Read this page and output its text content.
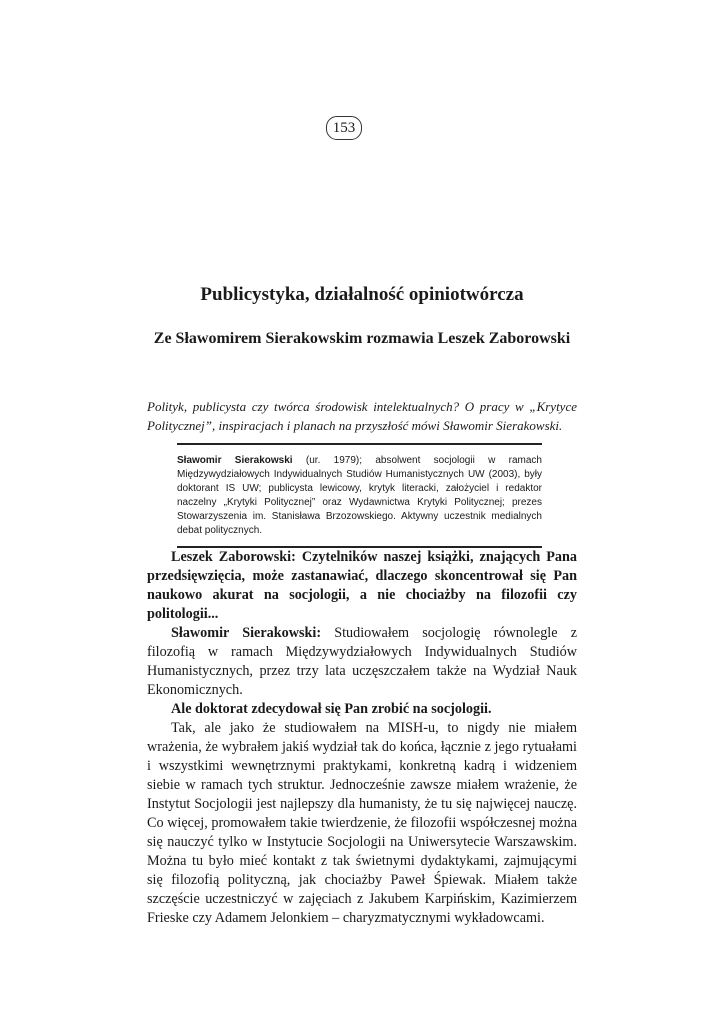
153
Publicystyka, działalność opiniotwórcza
Ze Sławomirem Sierakowskim rozmawia Leszek Zaborowski

Polityk, publicysta czy twórca środowisk intelektualnych? O pracy w „Krytyce Politycznej”, inspiracjach i planach na przyszłość mówi Sławomir Sierakowski.

Sławomir Sierakowski (ur. 1979); absolwent socjologii w ramach Międzywydziałowych Indywidualnych Studiów Humanistycznych UW (2003), były doktorant IS UW; publicysta lewicowy, krytyk literacki, założyciel i redaktor naczelny „Krytyki Politycznej” oraz Wydawnictwa Krytyki Politycznej; prezes Stowarzyszenia im. Stanisława Brzozowskiego. Aktywny uczestnik medialnych debat politycznych.

Leszek Zaborowski: Czytelników naszej książki, znających Pana przedsięwzięcia, może zastanawiać, dlaczego skoncentrował się Pan naukowo akurat na socjologii, a nie chociażby na filozofii czy politologii...

Sławomir Sierakowski: Studiowałem socjologię równolegle z filozofią w ramach Międzywydziałowych Indywidualnych Studiów Humanistycznych, przez trzy lata uczęszczałem także na Wydział Nauk Ekonomicznych.

Ale doktorat zdecydował się Pan zrobić na socjologii.

Tak, ale jako że studiowałem na MISH-u, to nigdy nie miałem wrażenia, że wybrałem jakiś wydział tak do końca, łącznie z jego rytuałami i wszystkimi wewnętrznymi praktykami, konkretną kadrą i widzeniem siebie w ramach tych struktur. Jednocześnie zawsze miałem wrażenie, że Instytut Socjologii jest najlepszy dla humanisty, że tu się najwięcej nauczę. Co więcej, promowałem takie twierdzenie, że filozofii współczesnej można się nauczyć tylko w Instytucie Socjologii na Uniwersytecie Warszawskim. Można tu było mieć kontakt z tak świetnymi dydaktykami, zajmującymi się filozofią polityczną, jak chociażby Paweł Śpiewak. Miałem także szczęście uczestniczyć w zajęciach z Jakubem Karpińskim, Kazimierzem Frieske czy Adamem Jelonkiem – charyzmatycznymi wykładowcami.
